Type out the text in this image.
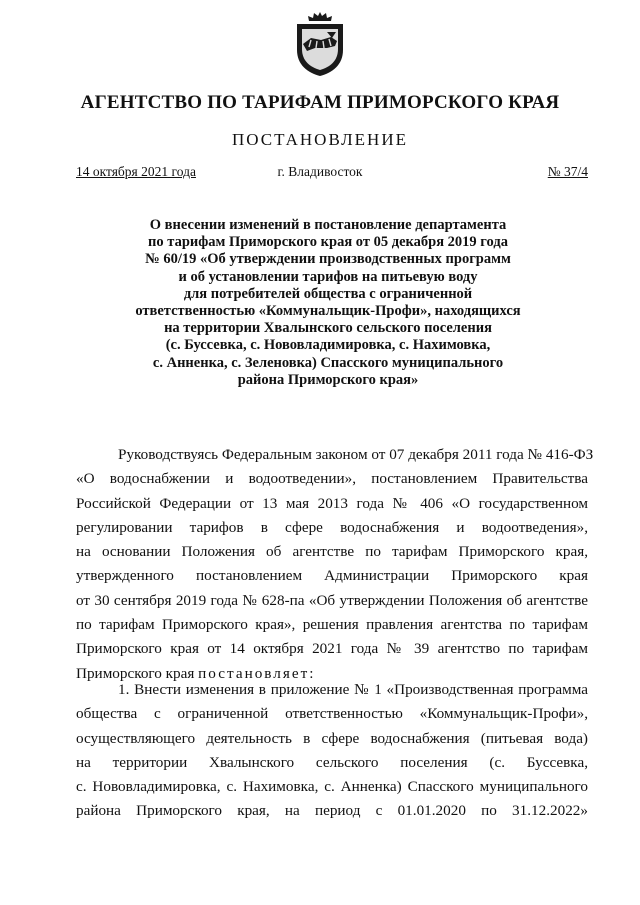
АГЕНТСТВО ПО ТАРИФАМ ПРИМОРСКОГО КРАЯ
ПОСТАНОВЛЕНИЕ
14 октября 2021 года	г. Владивосток	№ 37/4

О внесении изменений в постановление департамента
по тарифам Приморского края от 05 декабря 2019 года
№ 60/19 «Об утверждении производственных программ
и об установлении тарифов на питьевую воду
для потребителей общества с ограниченной
ответственностью «Коммунальщик-Профи», находящихся
на территории Хвалынского сельского поселения
(с. Буссевка, с. Нововладимировка, с. Нахимовка,
с. Анненка, с. Зеленовка) Спасского муниципального
района Приморского края»

Руководствуясь Федеральным законом от 07 декабря 2011 года № 416-ФЗ
«О водоснабжении и водоотведении», постановлением Правительства
Российской Федерации от 13 мая 2013 года № 406 «О государственном
регулировании тарифов в сфере водоснабжения и водоотведения»,
на основании Положения об агентстве по тарифам Приморского края,
утвержденного постановлением Администрации Приморского края
от 30 сентября 2019 года № 628-па «Об утверждении Положения об агентстве
по тарифам Приморского края», решения правления агентства по тарифам
Приморского края от 14 октября 2021 года № 39 агентство по тарифам
Приморского края постановляет:

1. Внести изменения в приложение № 1 «Производственная программа
общества с ограниченной ответственностью «Коммунальщик-Профи»,
осуществляющего деятельность в сфере водоснабжения (питьевая вода)
на территории Хвалынского сельского поселения (с. Буссевка,
с. Нововладимировка, с. Нахимовка, с. Анненка) Спасского муниципального
района Приморского края, на период с 01.01.2020 по 31.12.2022»
